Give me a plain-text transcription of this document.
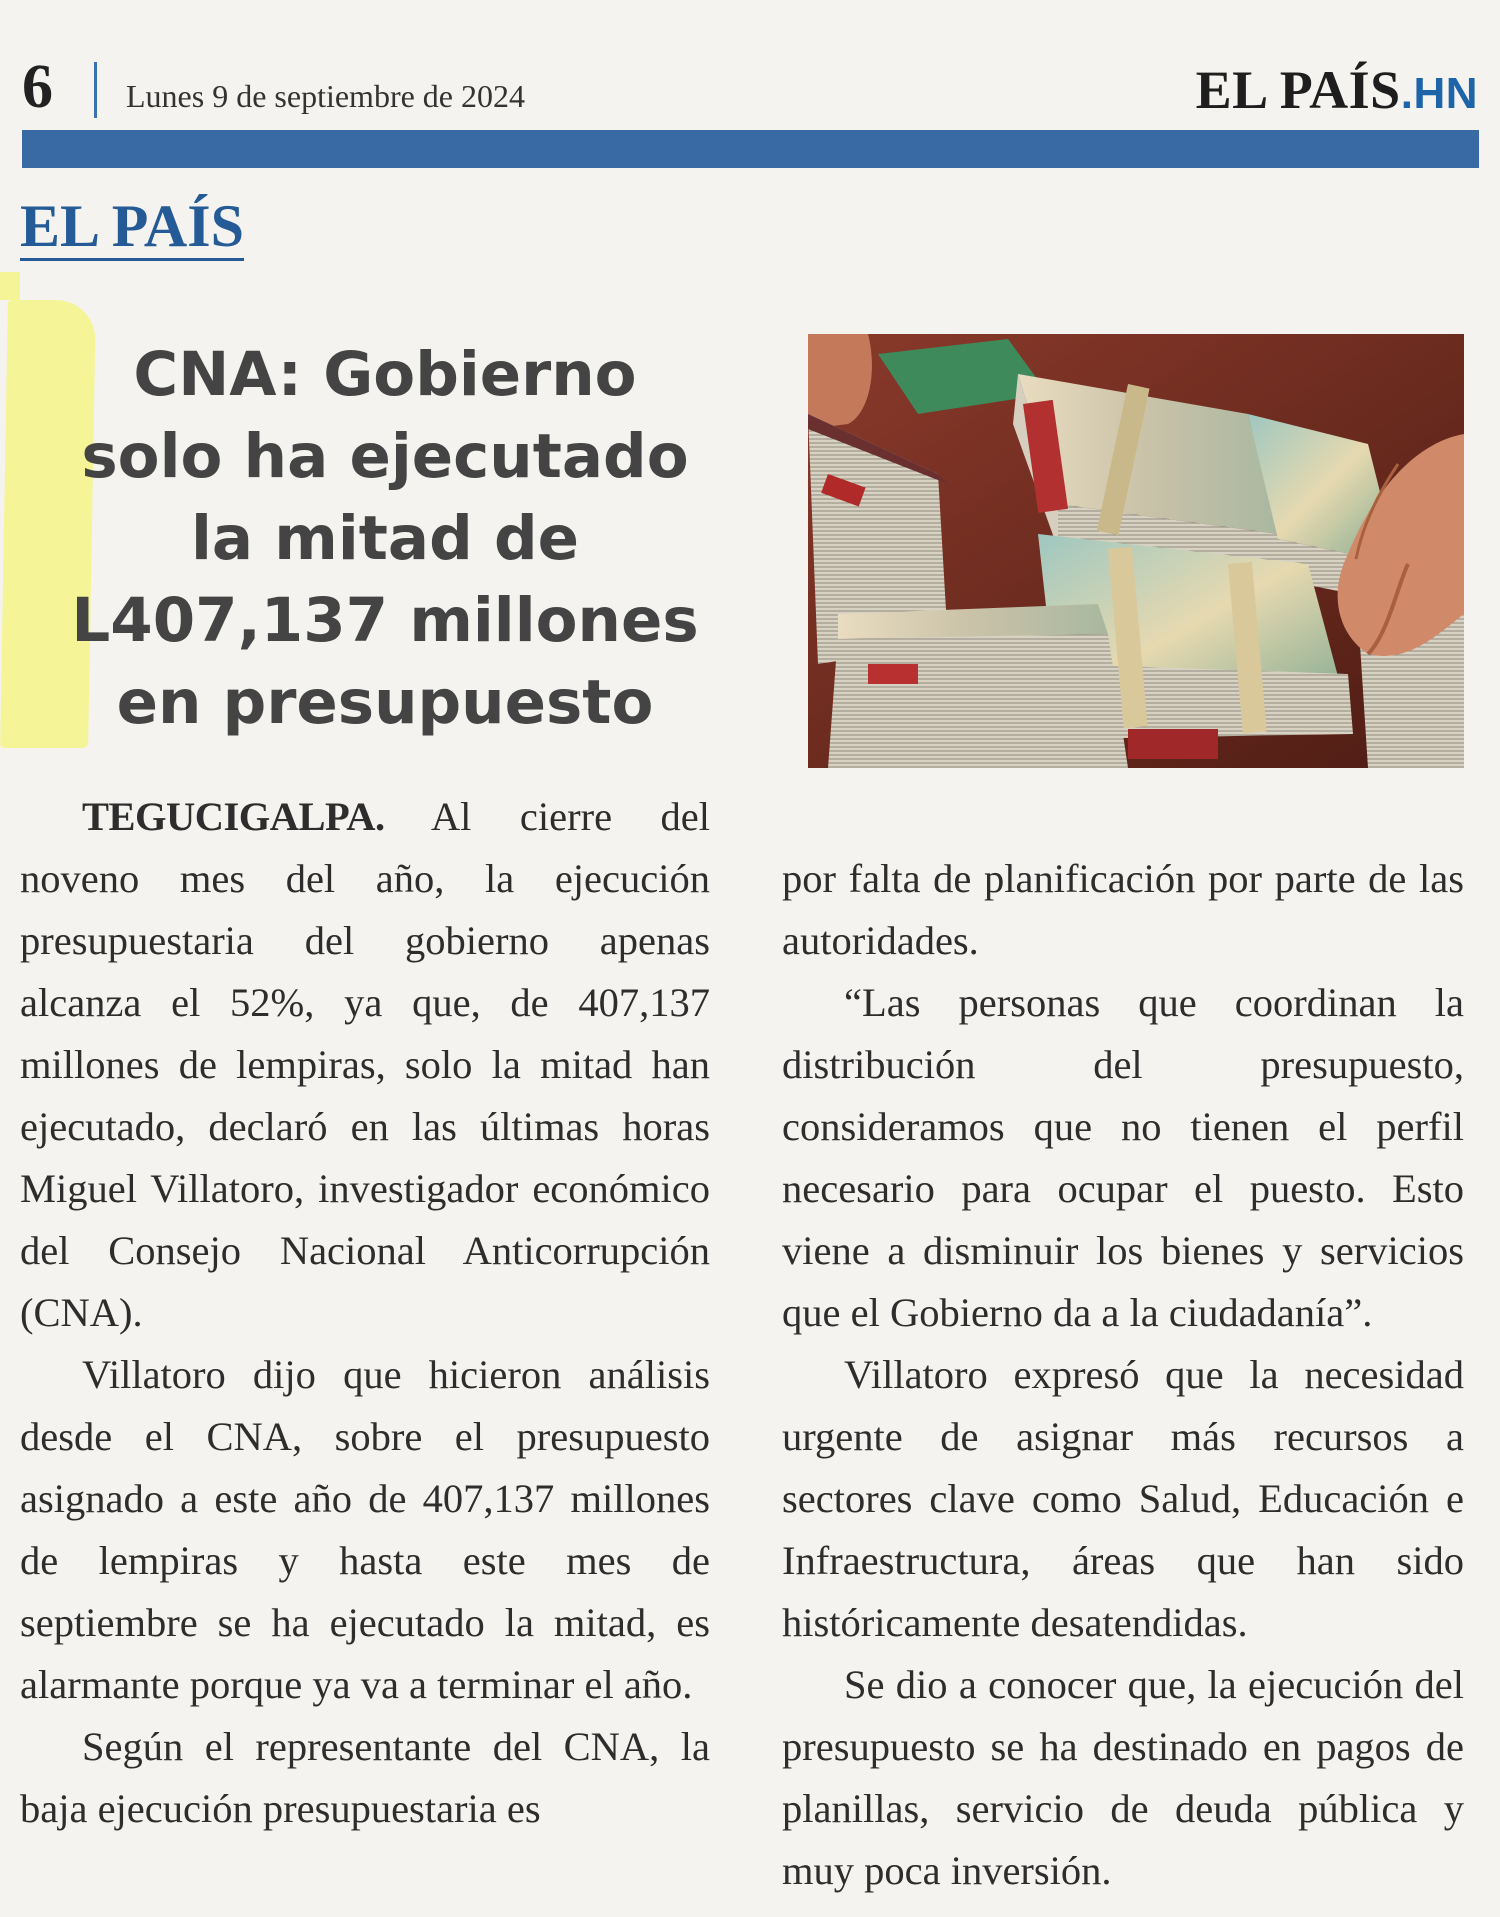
6 Lunes 9 de septiembre de 2024	EL PAÍS.HN
EL PAÍS
CNA: Gobierno
solo ha ejecutado
la mitad de
L407,137 millones
en presupuesto

TEGUCIGALPA. Al cierre del noveno mes del año, la ejecución presupuestaria del gobierno apenas alcanza el 52%, ya que, de 407,137 millones de lempiras, solo la mitad han ejecutado, declaró en las últimas horas Miguel Villatoro, investigador económico del Consejo Nacional Anticorrupción (CNA).

Villatoro dijo que hicieron análisis desde el CNA, sobre el presupuesto asignado a este año de 407,137 millones de lempiras y hasta este mes de septiembre se ha ejecutado la mitad, es alarmante porque ya va a terminar el año.

Según el representante del CNA, la baja ejecución presupuestaria es

por falta de planificación por parte de las autoridades.

“Las personas que coordinan la distribución del presupuesto, consideramos que no tienen el perfil necesario para ocupar el puesto. Esto viene a disminuir los bienes y servicios que el Gobierno da a la ciudadanía”.

Villatoro expresó que la necesidad urgente de asignar más recursos a sectores clave como Salud, Educación e Infraestructura, áreas que han sido históricamente desatendidas.

Se dio a conocer que, la ejecución del presupuesto se ha destinado en pagos de planillas, servicio de deuda pública y muy poca inversión.
